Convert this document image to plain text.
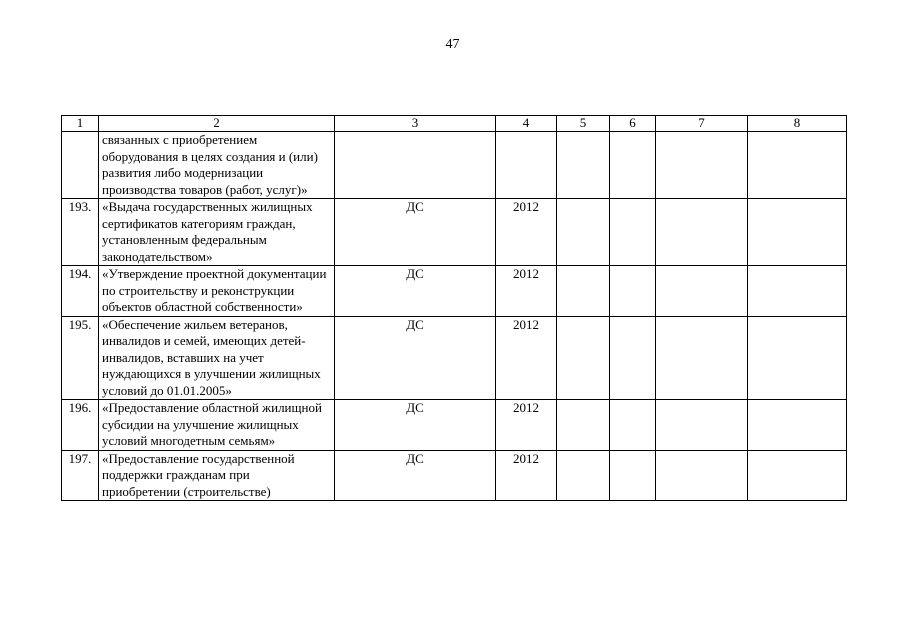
47
1	2	3	4	5	6	7	8
	связанных с приобретением оборудования в целях создания и (или) развития либо модернизации производства товаров (работ, услуг)»						
193.	«Выдача государственных жилищных сертификатов категориям граждан, установленным федеральным законодательством»	ДС	2012				
194.	«Утверждение проектной документации по строительству и реконструкции объектов областной собственности»	ДС	2012				
195.	«Обеспечение жильем ветеранов, инвалидов и семей, имеющих детей-инвалидов, вставших на учет нуждающихся в улучшении жилищных условий до 01.01.2005»	ДС	2012				
196.	«Предоставление областной жилищной субсидии на улучшение жилищных условий многодетным семьям»	ДС	2012				
197.	«Предоставление государственной поддержки гражданам при приобретении (строительстве)	ДС	2012				
